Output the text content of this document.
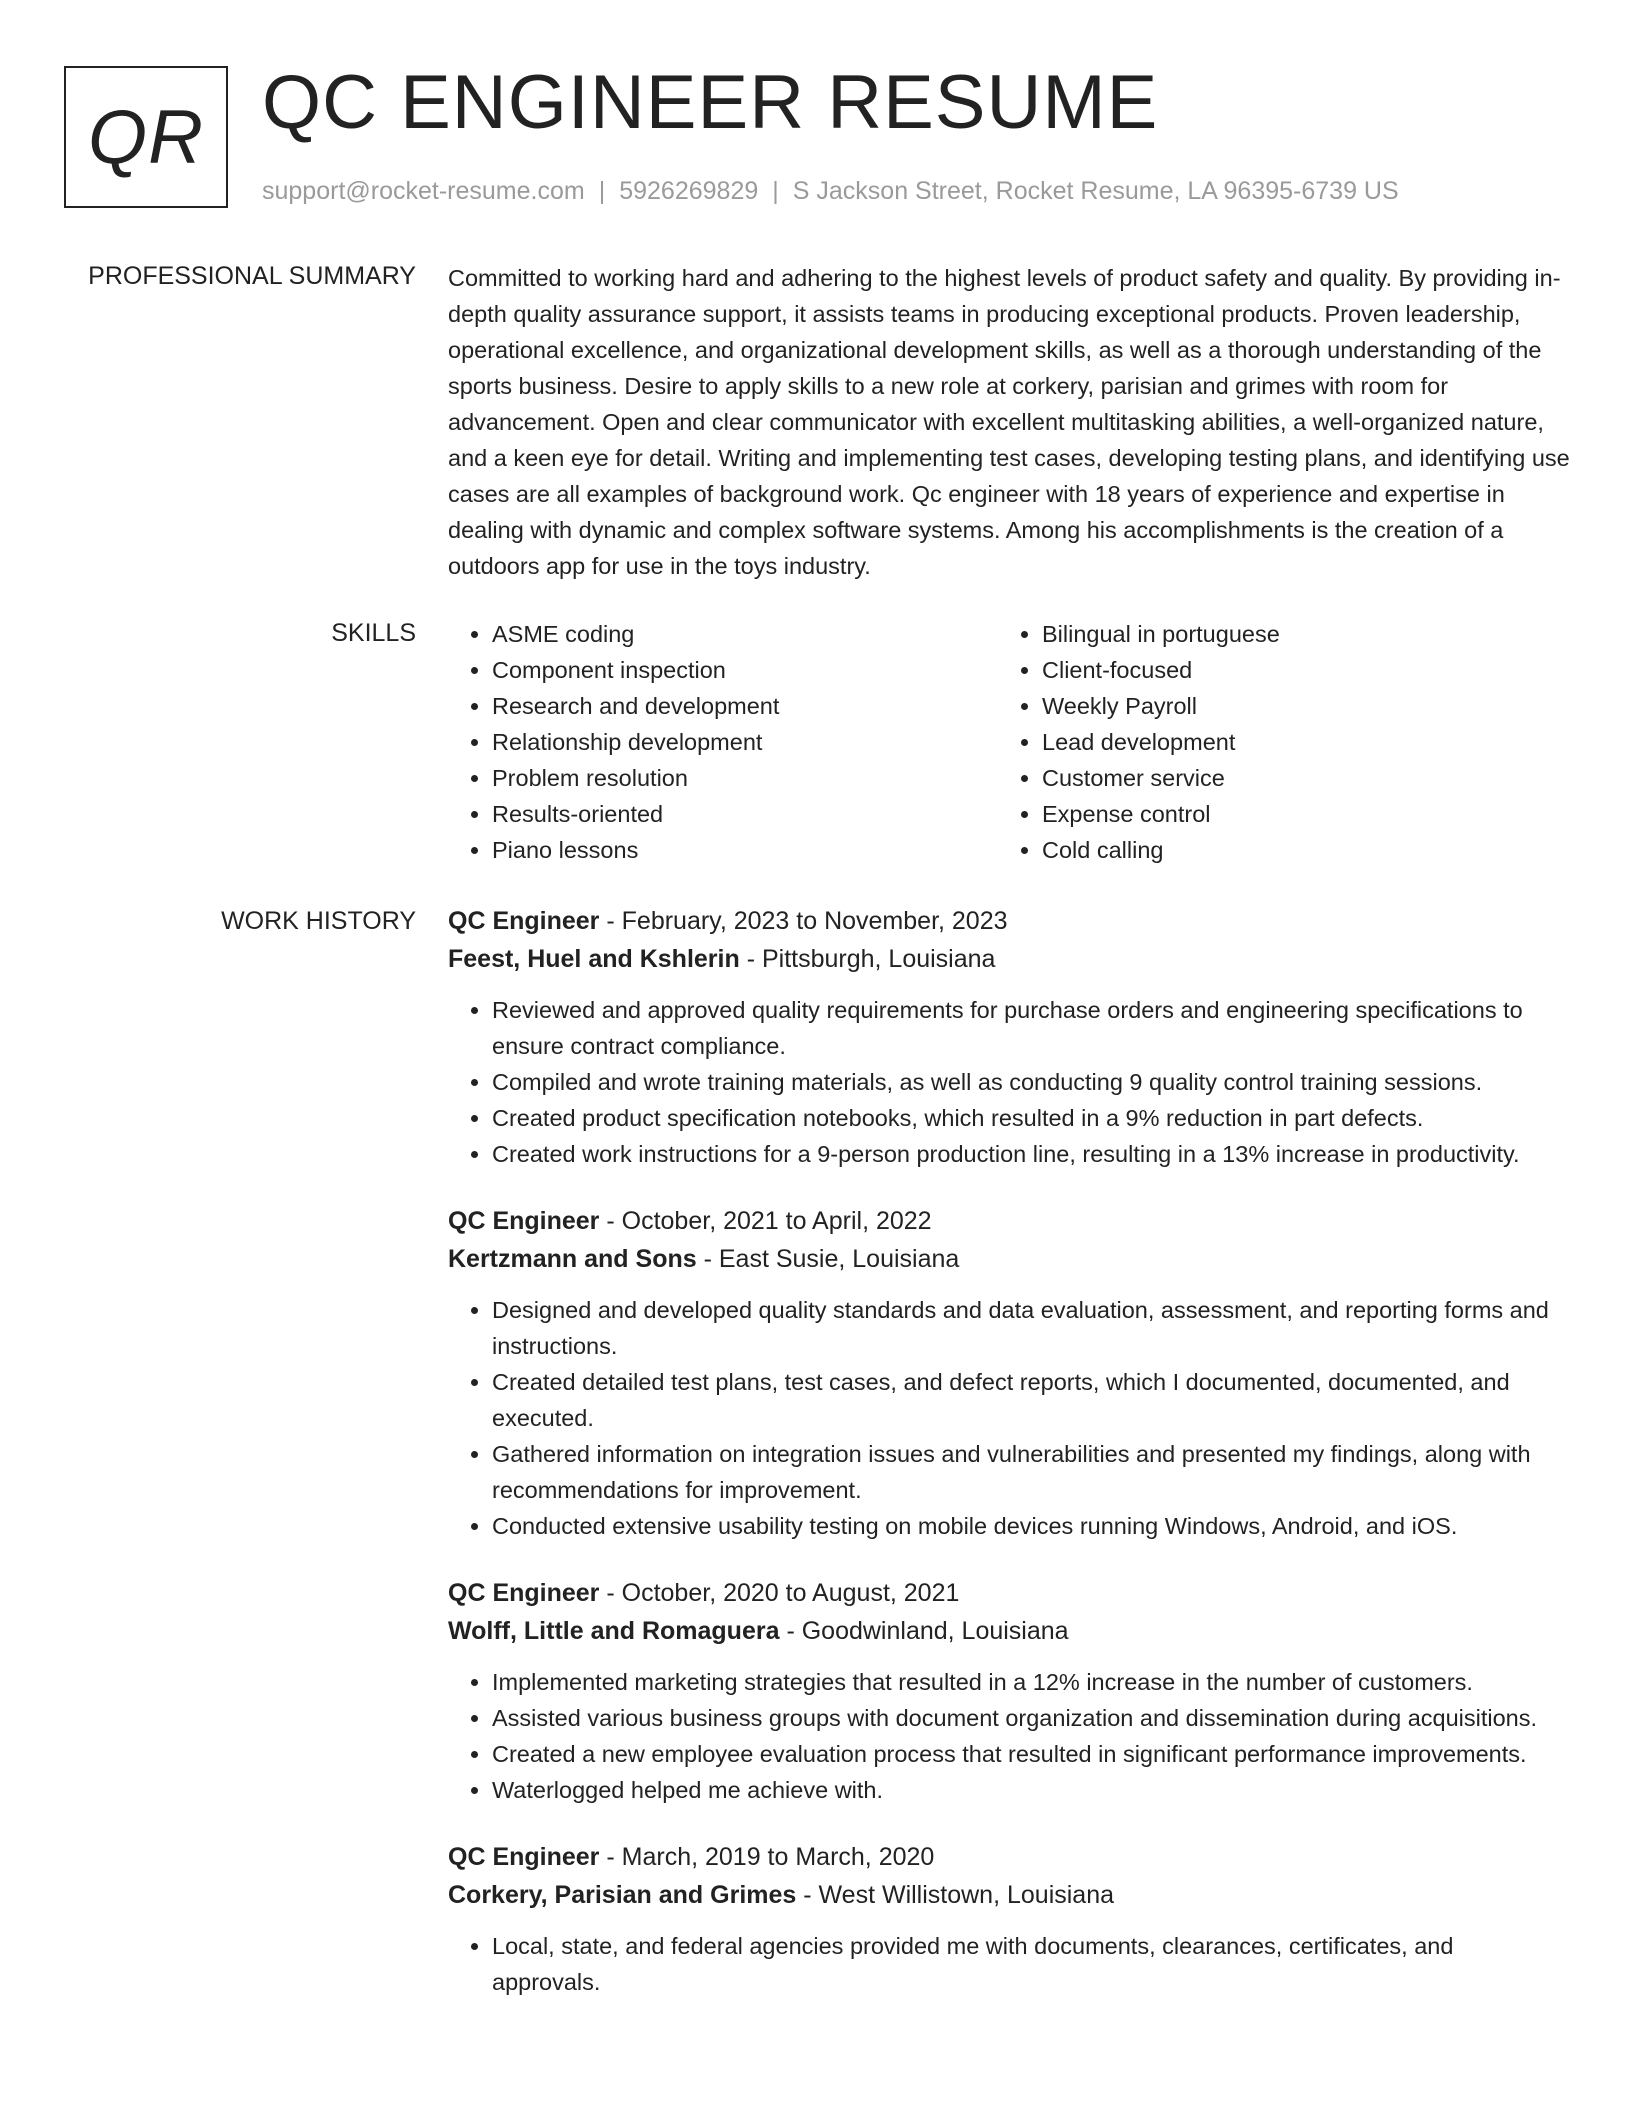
QR QC ENGINEER RESUME
support@rocket-resume.com | 5926269829 | S Jackson Street, Rocket Resume, LA 96395-6739 US
PROFESSIONAL SUMMARY Committed to working hard and adhering to the highest levels of product safety and quality. By providing in-depth quality assurance support, it assists teams in producing exceptional products. Proven leadership, operational excellence, and organizational development skills, as well as a thorough understanding of the sports business. Desire to apply skills to a new role at corkery, parisian and grimes with room for advancement. Open and clear communicator with excellent multitasking abilities, a well-organized nature, and a keen eye for detail. Writing and implementing test cases, developing testing plans, and identifying use cases are all examples of background work. Qc engineer with 18 years of experience and expertise in dealing with dynamic and complex software systems. Among his accomplishments is the creation of a outdoors app for use in the toys industry.

SKILLS
•	ASME coding
• Component inspection
• Research and development
• Relationship development
• Problem resolution
• Results-oriented
• Piano lessons
• Bilingual in portuguese
• Client-focused
• Weekly Payroll
• Lead development
• Customer service
• Expense control
• Cold calling
WORK HISTORY QC Engineer - February, 2023 to November, 2023
Feest, Huel and Kshlerin - Pittsburgh, Louisiana
• Reviewed and approved quality requirements for purchase orders and engineering specifications to ensure contract compliance.
• Compiled and wrote training materials, as well as conducting 9 quality control training sessions.
• Created product specification notebooks, which resulted in a 9% reduction in part defects.
• Created work instructions for a 9-person production line, resulting in a 13% increase in productivity.
QC Engineer - October, 2021 to April, 2022
Kertzmann and Sons - East Susie, Louisiana
• Designed and developed quality standards and data evaluation, assessment, and reporting forms and instructions.
• Created detailed test plans, test cases, and defect reports, which I documented, documented, and executed.
• Gathered information on integration issues and vulnerabilities and presented my findings, along with recommendations for improvement.
• Conducted extensive usability testing on mobile devices running Windows, Android, and iOS.
QC Engineer - October, 2020 to August, 2021
Wolff, Little and Romaguera - Goodwinland, Louisiana
• Implemented marketing strategies that resulted in a 12% increase in the number of customers.
• Assisted various business groups with document organization and dissemination during acquisitions.
• Created a new employee evaluation process that resulted in significant performance improvements.
• Waterlogged helped me achieve with.
QC Engineer - March, 2019 to March, 2020
Corkery, Parisian and Grimes - West Willistown, Louisiana
• Local, state, and federal agencies provided me with documents, clearances, certificates, and approvals.
